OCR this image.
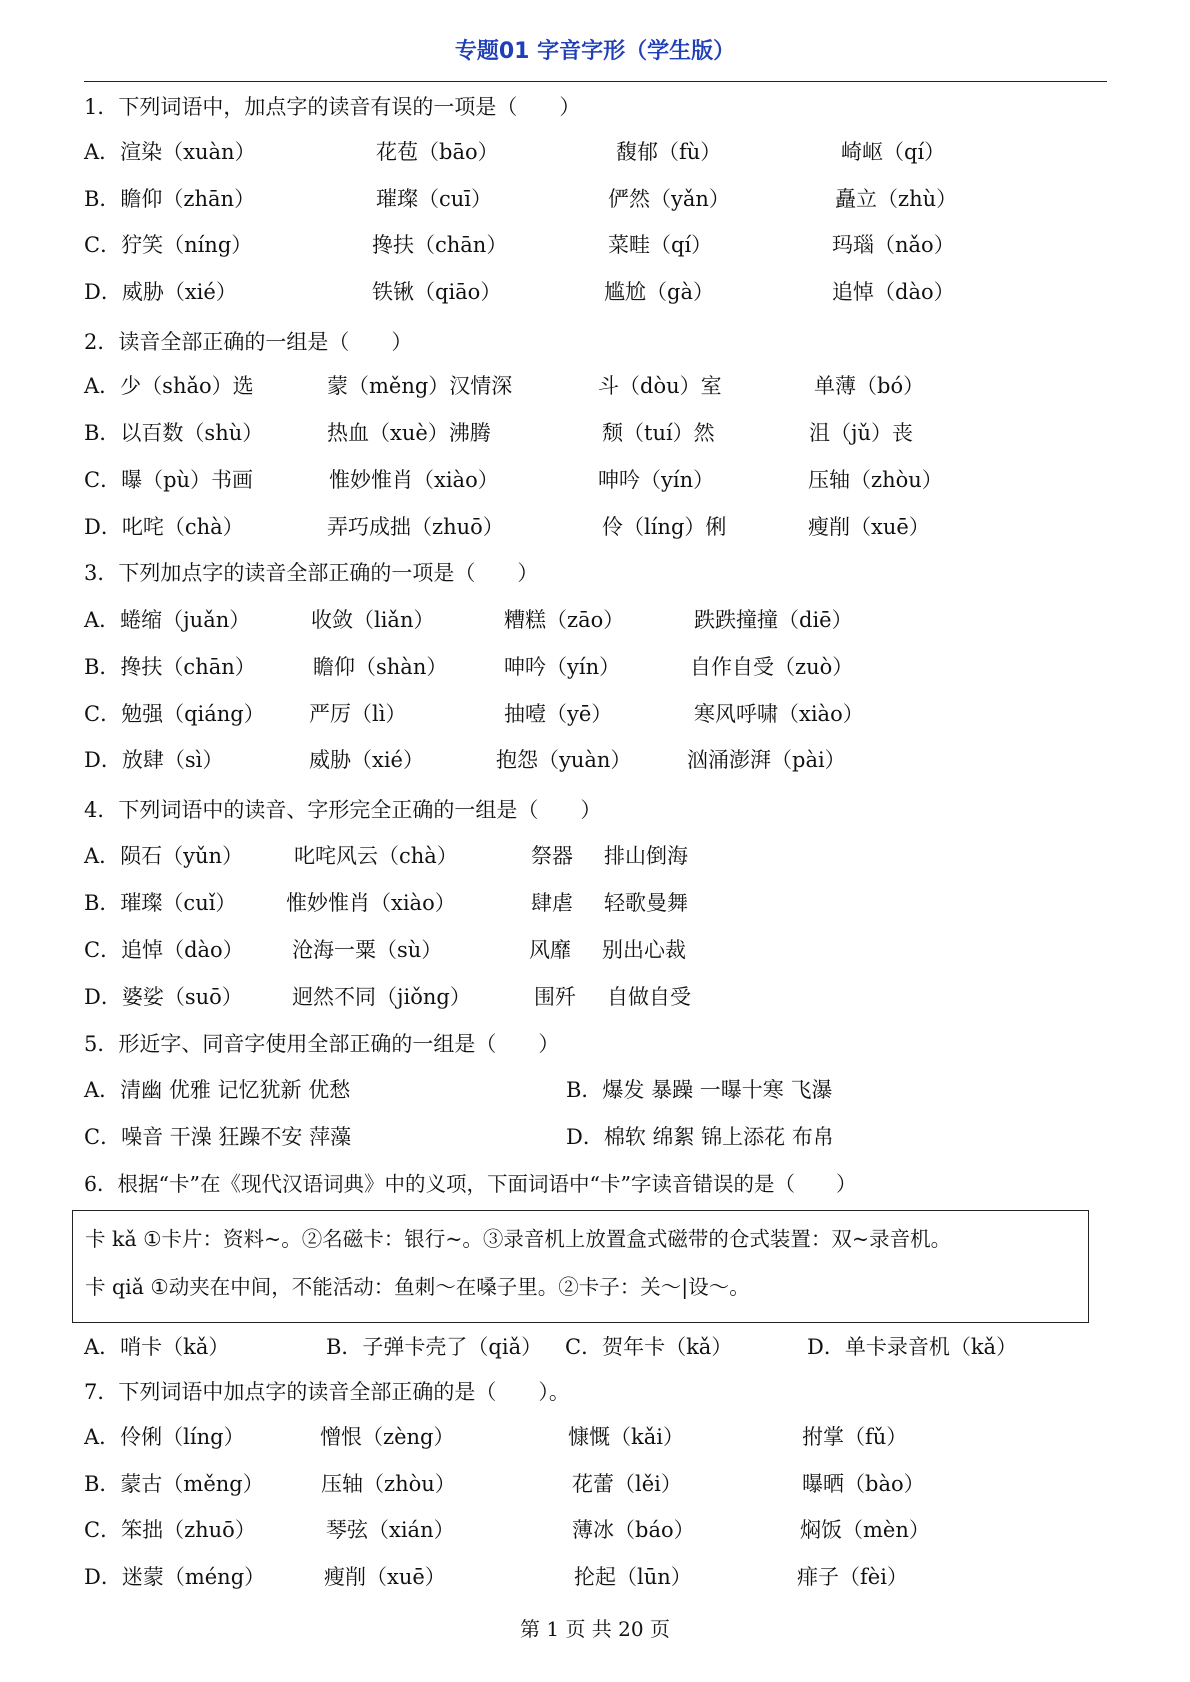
专题01 字音字形（学生版）
1．下列词语中，加点字的读音有误的一项是（　　）
A．渲染（xuàn）	花苞（bāo）	馥郁（fù）	崎岖（qí）
B．瞻仰（zhān）	璀璨（cuī）	俨然（yǎn）	矗立（zhù）
C．狞笑（níng）	搀扶（chān）	菜畦（qí）	玛瑙（nǎo）
D．威胁（xié）	铁锹（qiāo）	尴尬（gà）	追悼（dào）
2．读音全部正确的一组是（　　）
A．少（shǎo）选	蒙（měng）汉情深	斗（dòu）室	单薄（bó）
B．以百数（shù）	热血（xuè）沸腾	颓（tuí）然	沮（jǔ）丧
C．曝（pù）书画	惟妙惟肖（xiào）	呻吟（yín）	压轴（zhòu）
D．叱咤（chà）	弄巧成拙（zhuō）	伶（líng）俐	瘦削（xuē）
3．下列加点字的读音全部正确的一项是（　　）
A．蜷缩（juǎn）	收敛（liǎn）	糟糕（zāo）	跌跌撞撞（diē）
B．搀扶（chān）	瞻仰（shàn）	呻吟（yín）	自作自受（zuò）
C．勉强（qiáng） 严厉（lì）	抽噎（yē）	寒风呼啸（xiào）
D．放肆（sì）	威胁（xié）	抱怨（yuàn）	汹涌澎湃（pài）
4．下列词语中的读音、字形完全正确的一组是（　　）
A．陨石（yǔn） 叱咤风云（chà）	祭器 排山倒海
B．璀璨（cuǐ） 惟妙惟肖（xiào）	肆虐 轻歌曼舞
C．追悼（dào） 沧海一粟（sù）	风靡 别出心裁
D．婆娑（suō） 迥然不同（jiǒng）	围歼 自做自受
5．形近字、同音字使用全部正确的一组是（　　）
A．清幽 优雅 记忆犹新 优愁	B．爆发 暴躁 一曝十寒 飞瀑
C．噪音 干澡 狂躁不安 萍藻	D．棉软 绵絮 锦上添花 布帛
6．根据“卡”在《现代汉语词典》中的义项，下面词语中“卡”字读音错误的是（　　）
卡 kǎ ①卡片：资料~。②名磁卡：银行~。③录音机上放置盒式磁带的仓式装置：双~录音机。
卡 qiǎ ①动夹在中间，不能活动：鱼刺～在嗓子里。②卡子：关～|设～。
A．哨卡（kǎ）	B．子弹卡壳了（qiǎ） C．贺年卡（kǎ）	D．单卡录音机（kǎ）
7．下列词语中加点字的读音全部正确的是（　　）。
A．伶俐（líng）	憎恨（zèng）	慷慨（kǎi）	拊掌（fǔ）
B．蒙古（měng）	压轴（zhòu）	花蕾（lěi）	曝晒（bào）
C．笨拙（zhuō）	琴弦（xián）	薄冰（báo）	焖饭（mèn）
D．迷蒙（méng）	瘦削（xuē）	抡起（lūn）	痱子（fèi）
第 1 页 共 20 页
